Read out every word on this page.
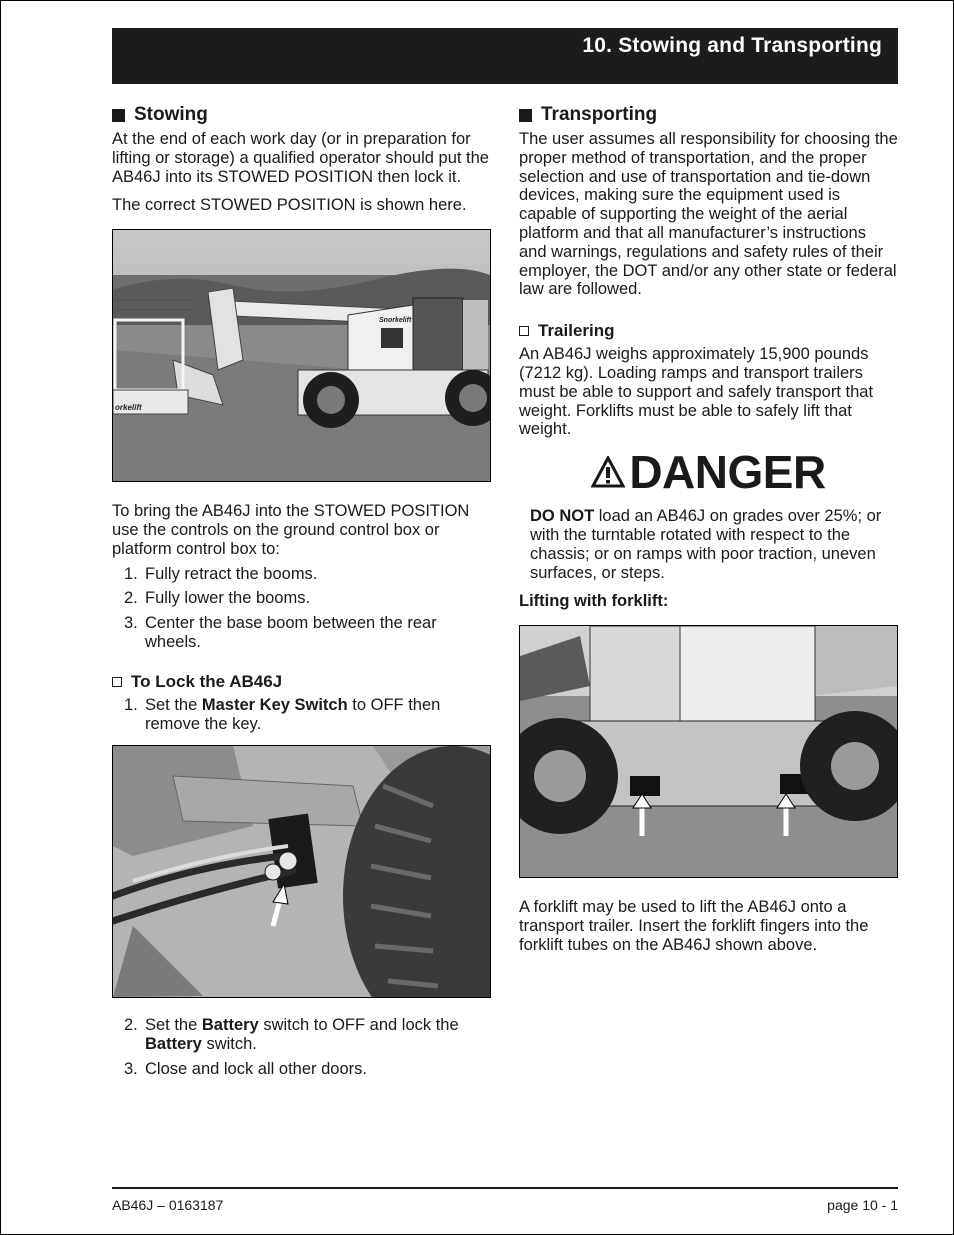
10. Stowing and Transporting
Stowing

At the end of each work day (or in preparation for lifting or storage) a qualified operator should put the AB46J into its STOWED POSITION then lock it.

The correct STOWED POSITION is shown here.

orkelift
Snorkelift

To bring the AB46J into the STOWED POSITION use the controls on the ground control box or platform control box to:

1. Fully retract the booms.
2. Fully lower the booms.
3. Center the base boom between the rear wheels.
To Lock the AB46J
1. Set the Master Key Switch to OFF then remove the key.
2. Set the Battery switch to OFF and lock the Battery switch.
3. Close and lock all other doors.
Transporting

The user assumes all responsibility for choosing the proper method of transportation, and the proper selection and use of transportation and tie-down devices, making sure the equipment used is capable of supporting the weight of the aerial platform and that all manufacturer’s instructions and warnings, regulations and safety rules of their employer, the DOT and/or any other state or federal law are followed.

Trailering

An AB46J weighs approximately 15,900 pounds (7212 kg). Loading ramps and transport trailers must be able to support and safely transport that weight. Forklifts must be able to safely lift that weight.

DANGER

DO NOT load an AB46J on grades over 25%; or with the turntable rotated with respect to the chassis; or on ramps with poor traction, uneven surfaces, or steps.

Lifting with forklift:

A forklift may be used to lift the AB46J onto a transport trailer. Insert the forklift fingers into the forklift tubes on the AB46J shown above.

AB46J – 0163187	page 10 - 1
